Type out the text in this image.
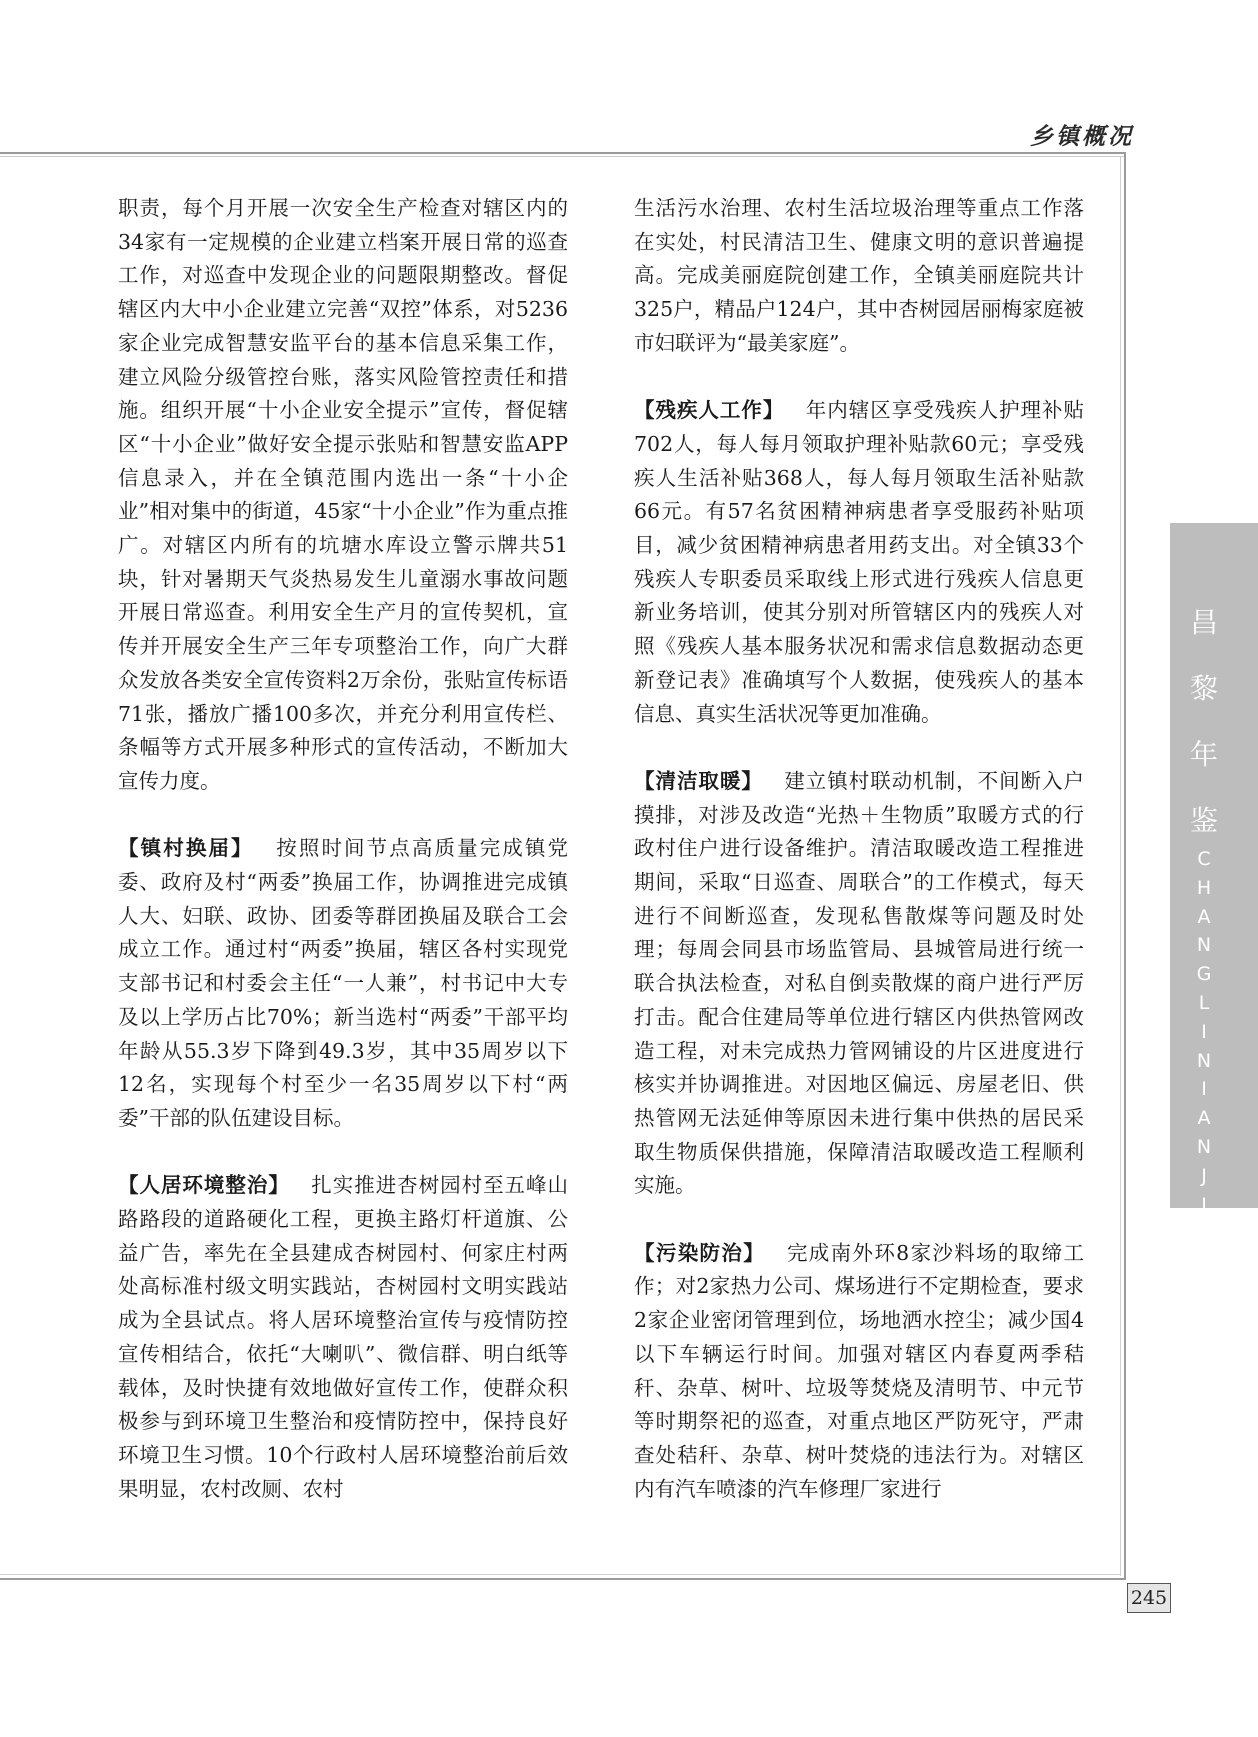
乡镇概况

职责，每个月开展一次安全生产检查对辖区内的34家有一定规模的企业建立档案开展日常的巡查工作，对巡查中发现企业的问题限期整改。督促辖区内大中小企业建立完善“双控”体系，对5236家企业完成智慧安监平台的基本信息采集工作，建立风险分级管控台账，落实风险管控责任和措施。组织开展“十小企业安全提示”宣传，督促辖区“十小企业”做好安全提示张贴和智慧安监APP信息录入，并在全镇范围内选出一条“十小企业”相对集中的街道，45家“十小企业”作为重点推广。对辖区内所有的坑塘水库设立警示牌共51块，针对暑期天气炎热易发生儿童溺水事故问题开展日常巡查。利用安全生产月的宣传契机，宣传并开展安全生产三年专项整治工作，向广大群众发放各类安全宣传资料2万余份，张贴宣传标语71张，播放广播100多次，并充分利用宣传栏、条幅等方式开展多种形式的宣传活动，不断加大宣传力度。

【镇村换届】  按照时间节点高质量完成镇党委、政府及村“两委”换届工作，协调推进完成镇人大、妇联、政协、团委等群团换届及联合工会成立工作。通过村“两委”换届，辖区各村实现党支部书记和村委会主任“一人兼”，村书记中大专及以上学历占比70%；新当选村“两委”干部平均年龄从55.3岁下降到49.3岁，其中35周岁以下12名，实现每个村至少一名35周岁以下村“两委”干部的队伍建设目标。

【人居环境整治】  扎实推进杏树园村至五峰山路路段的道路硬化工程，更换主路灯杆道旗、公益广告，率先在全县建成杏树园村、何家庄村两处高标准村级文明实践站，杏树园村文明实践站成为全县试点。将人居环境整治宣传与疫情防控宣传相结合，依托“大喇叭”、微信群、明白纸等载体，及时快捷有效地做好宣传工作，使群众积极参与到环境卫生整治和疫情防控中，保持良好环境卫生习惯。10个行政村人居环境整治前后效果明显，农村改厕、农村

生活污水治理、农村生活垃圾治理等重点工作落在实处，村民清洁卫生、健康文明的意识普遍提高。完成美丽庭院创建工作，全镇美丽庭院共计325户，精品户124户，其中杏树园居丽梅家庭被市妇联评为“最美家庭”。

【残疾人工作】  年内辖区享受残疾人护理补贴702人，每人每月领取护理补贴款60元；享受残疾人生活补贴368人，每人每月领取生活补贴款66元。有57名贫困精神病患者享受服药补贴项目，减少贫困精神病患者用药支出。对全镇33个残疾人专职委员采取线上形式进行残疾人信息更新业务培训，使其分别对所管辖区内的残疾人对照《残疾人基本服务状况和需求信息数据动态更新登记表》准确填写个人数据，使残疾人的基本信息、真实生活状况等更加准确。

【清洁取暖】  建立镇村联动机制，不间断入户摸排，对涉及改造“光热＋生物质”取暖方式的行政村住户进行设备维护。清洁取暖改造工程推进期间，采取“日巡查、周联合”的工作模式，每天进行不间断巡查，发现私售散煤等问题及时处理；每周会同县市场监管局、县城管局进行统一联合执法检查，对私自倒卖散煤的商户进行严厉打击。配合住建局等单位进行辖区内供热管网改造工程，对未完成热力管网铺设的片区进度进行核实并协调推进。对因地区偏远、房屋老旧、供热管网无法延伸等原因未进行集中供热的居民采取生物质保供措施，保障清洁取暖改造工程顺利实施。

【污染防治】  完成南外环8家沙料场的取缔工作；对2家热力公司、煤场进行不定期检查，要求2家企业密闭管理到位，场地洒水控尘；减少国4以下车辆运行时间。加强对辖区内春夏两季秸秆、杂草、树叶、垃圾等焚烧及清明节、中元节等时期祭祀的巡查，对重点地区严防死守，严肃查处秸秆、杂草、树叶焚烧的违法行为。对辖区内有汽车喷漆的汽车修理厂家进行

昌
黎
年
鉴
C
H
A
N
G
L
I
N
I
A
N
J
I
A
N
245
